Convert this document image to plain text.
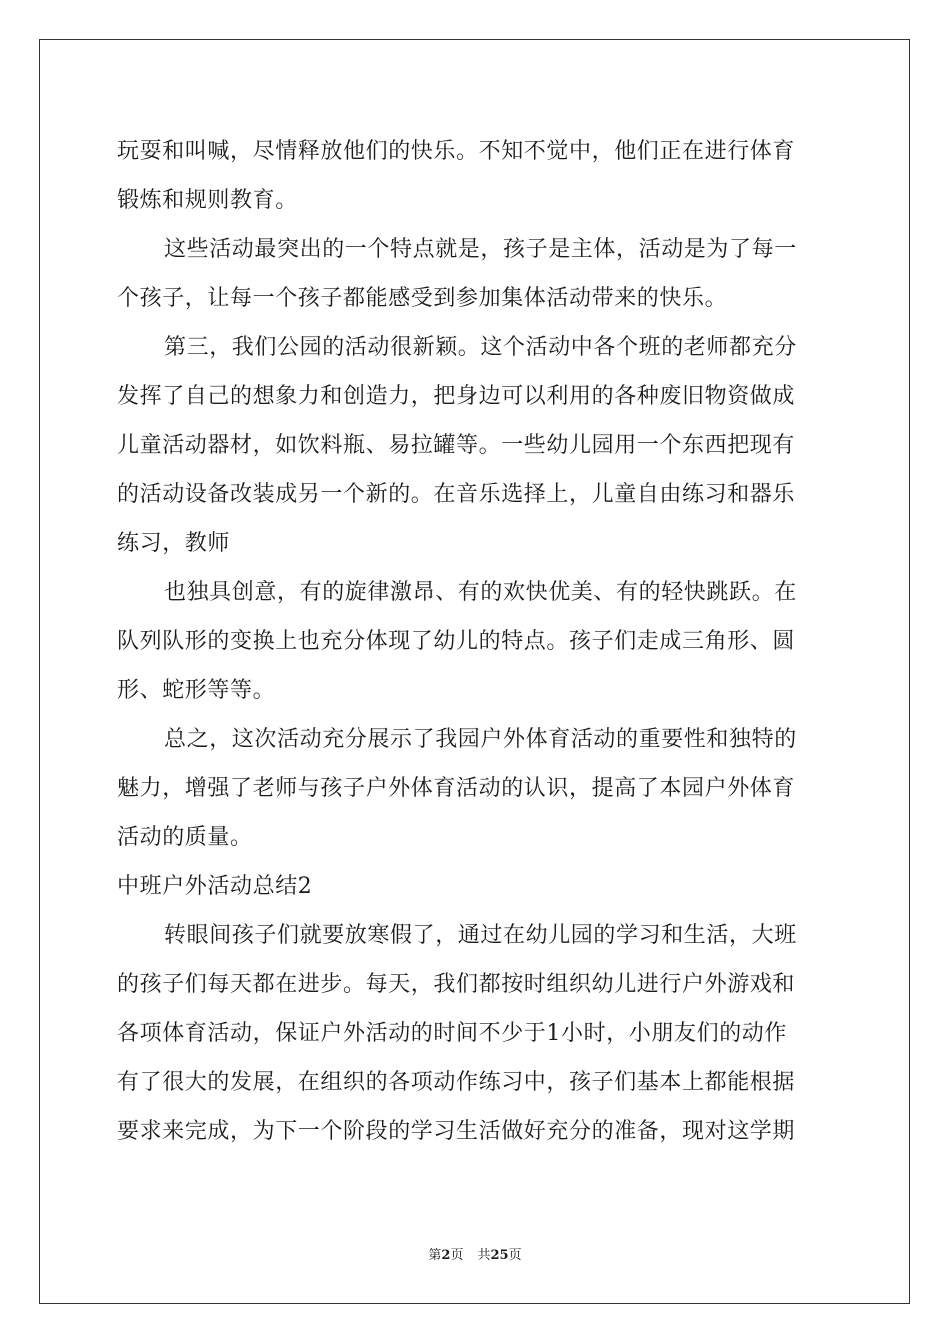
玩耍和叫喊，尽情释放他们的快乐。不知不觉中，他们正在进行体育
锻炼和规则教育。
这些活动最突出的一个特点就是，孩子是主体，活动是为了每一
个孩子，让每一个孩子都能感受到参加集体活动带来的快乐。
第三，我们公园的活动很新颖。这个活动中各个班的老师都充分
发挥了自己的想象力和创造力，把身边可以利用的各种废旧物资做成
儿童活动器材，如饮料瓶、易拉罐等。一些幼儿园用一个东西把现有
的活动设备改装成另一个新的。在音乐选择上，儿童自由练习和器乐
练习，教师
也独具创意，有的旋律激昂、有的欢快优美、有的轻快跳跃。在
队列队形的变换上也充分体现了幼儿的特点。孩子们走成三角形、圆
形、蛇形等等。
总之，这次活动充分展示了我园户外体育活动的重要性和独特的
魅力，增强了老师与孩子户外体育活动的认识，提高了本园户外体育
活动的质量。
中班户外活动总结2
转眼间孩子们就要放寒假了，通过在幼儿园的学习和生活，大班
的孩子们每天都在进步。每天，我们都按时组织幼儿进行户外游戏和
各项体育活动，保证户外活动的时间不少于1小时，小朋友们的动作
有了很大的发展，在组织的各项动作练习中，孩子们基本上都能根据
要求来完成，为下一个阶段的学习生活做好充分的准备，现对这学期
第2页 共25页
